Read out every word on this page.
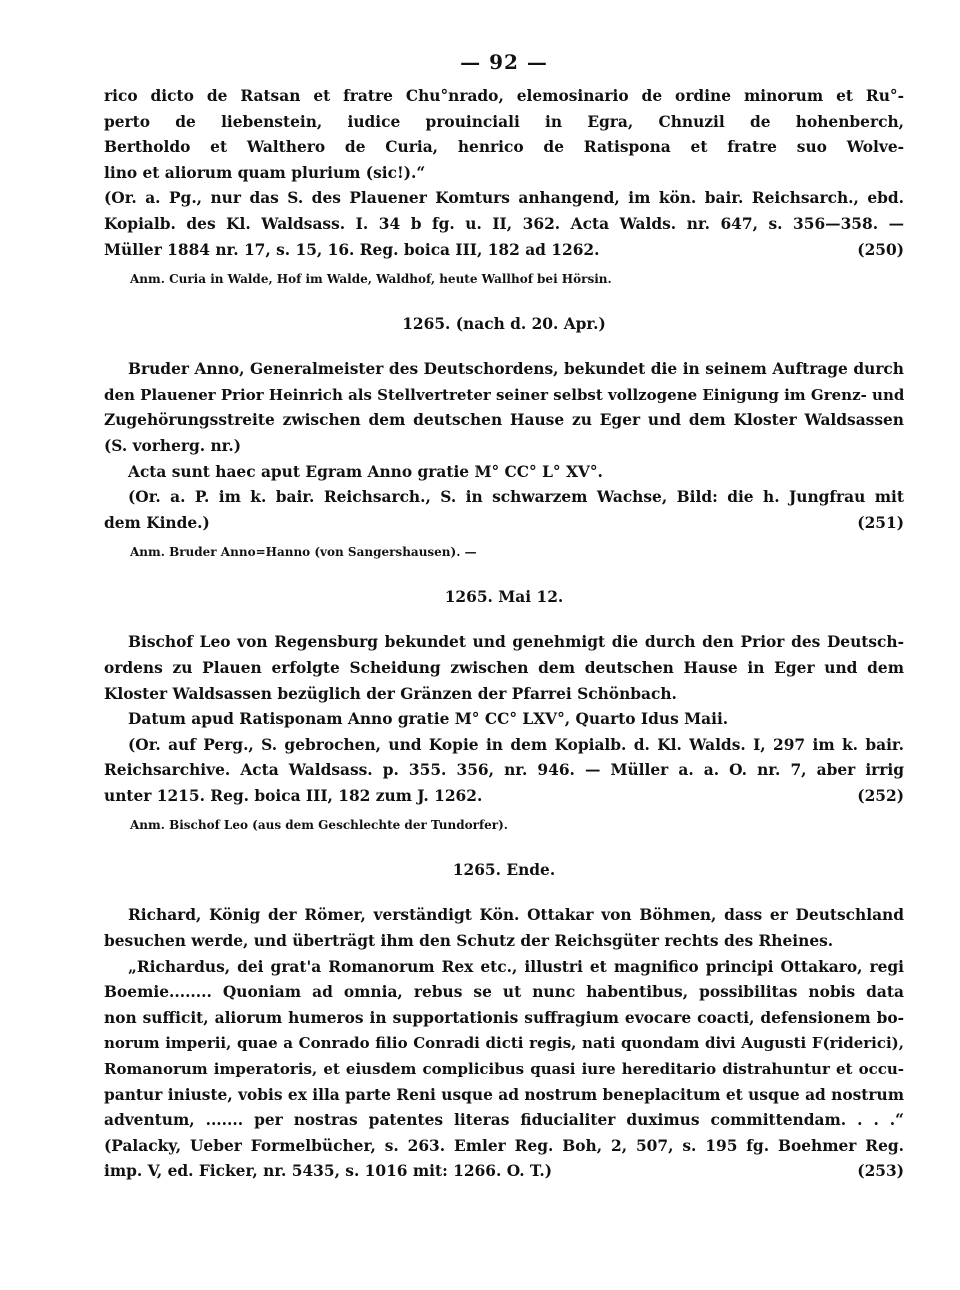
— 92 —
rico dicto de Ratsan et fratre Chu°nrado, elemosinario de ordine minorum et Ru°-
perto de liebenstein, iudice prouinciali in Egra, Chnuzil de hohenberch,
Bertholdo et Walthero de Curia, henrico de Ratispona et fratre suo Wolve-
lino et aliorum quam plurium (sic!).“
(Or. a. Pg., nur das S. des Plauener Komturs anhangend, im kön. bair. Reichsarch., ebd.
Kopialb. des Kl. Waldsass. I. 34 b fg. u. II, 362. Acta Walds. nr. 647, s. 356—358. —
Müller 1884 nr. 17, s. 15, 16. Reg. boica III, 182 ad 1262.	(250)
Anm. Curia in Walde, Hof im Walde, Waldhof, heute Wallhof bei Hörsin.
1265. (nach d. 20. Apr.)
Bruder Anno, Generalmeister des Deutschordens, bekundet die in seinem Auftrage durch
den Plauener Prior Heinrich als Stellvertreter seiner selbst vollzogene Einigung im Grenz- und
Zugehörungsstreite zwischen dem deutschen Hause zu Eger und dem Kloster Waldsassen
(S. vorherg. nr.)
Acta sunt haec aput Egram Anno gratie M° CC° L° XV°.
(Or. a. P. im k. bair. Reichsarch., S. in schwarzem Wachse, Bild: die h. Jungfrau mit
dem Kinde.)	(251)
Anm. Bruder Anno=Hanno (von Sangershausen). —
1265. Mai 12.
Bischof Leo von Regensburg bekundet und genehmigt die durch den Prior des Deutsch-
ordens zu Plauen erfolgte Scheidung zwischen dem deutschen Hause in Eger und dem
Kloster Waldsassen bezüglich der Gränzen der Pfarrei Schönbach.
Datum apud Ratisponam Anno gratie M° CC° LXV°, Quarto Idus Maii.
(Or. auf Perg., S. gebrochen, und Kopie in dem Kopialb. d. Kl. Walds. I, 297 im k. bair.
Reichsarchive. Acta Waldsass. p. 355. 356, nr. 946. — Müller a. a. O. nr. 7, aber irrig
unter 1215. Reg. boica III, 182 zum J. 1262.	(252)
Anm. Bischof Leo (aus dem Geschlechte der Tundorfer).
1265. Ende.
Richard, König der Römer, verständigt Kön. Ottakar von Böhmen, dass er Deutschland
besuchen werde, und überträgt ihm den Schutz der Reichsgüter rechts des Rheines.
„Richardus, dei grat'a Romanorum Rex etc., illustri et magnifico principi Ottakaro, regi
Boemie........ Quoniam ad omnia, rebus se ut nunc habentibus, possibilitas nobis data
non sufficit, aliorum humeros in supportationis suffragium evocare coacti, defensionem bo-
norum imperii, quae a Conrado filio Conradi dicti regis, nati quondam divi Augusti F(riderici),
Romanorum imperatoris, et eiusdem complicibus quasi iure hereditario distrahuntur et occu-
pantur iniuste, vobis ex illa parte Reni usque ad nostrum beneplacitum et usque ad nostrum
adventum, ....... per nostras patentes literas fiducialiter duximus committendam. . . .“
(Palacky, Ueber Formelbücher, s. 263. Emler Reg. Boh, 2, 507, s. 195 fg. Boehmer Reg.
imp. V, ed. Ficker, nr. 5435, s. 1016 mit: 1266. O. T.)	(253)
